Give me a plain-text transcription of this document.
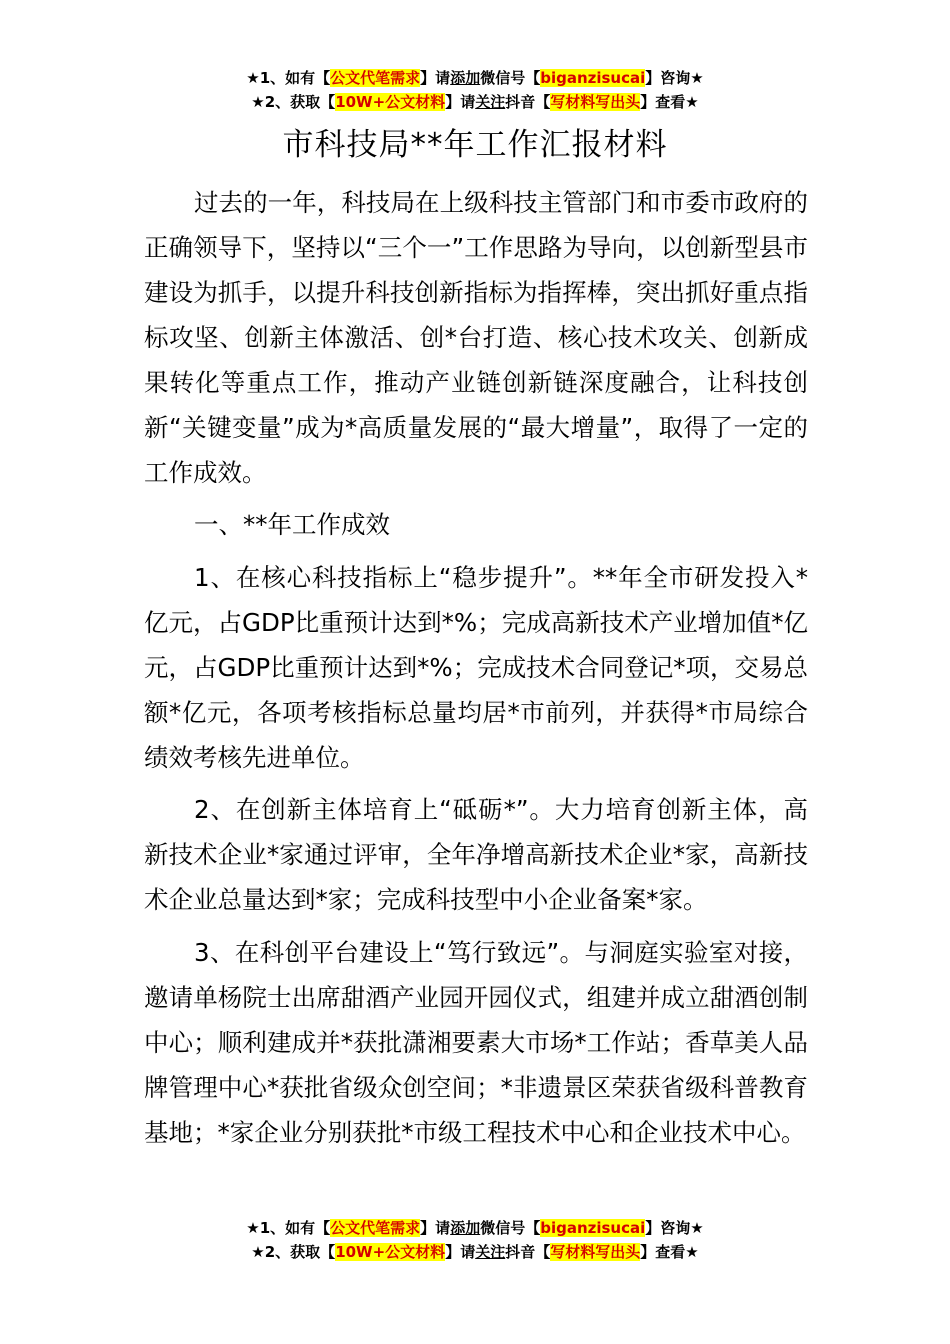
★1、如有【公文代笔需求】请添加微信号【biganzisucai】咨询★
★2、获取【10W+公文材料】请关注抖音【写材料写出头】查看★
市科技局**年工作汇报材料

过去的一年，科技局在上级科技主管部门和市委市政府的正确领导下，坚持以“三个一”工作思路为导向，以创新型县市建设为抓手，以提升科技创新指标为指挥棒，突出抓好重点指标攻坚、创新主体激活、创*台打造、核心技术攻关、创新成果转化等重点工作，推动产业链创新链深度融合，让科技创新“关键变量”成为*高质量发展的“最大增量”，取得了一定的工作成效。

一、**年工作成效

1、在核心科技指标上“稳步提升”。**年全市研发投入*亿元，占GDP比重预计达到*%；完成高新技术产业增加值*亿元，占GDP比重预计达到*%；完成技术合同登记*项，交易总额*亿元，各项考核指标总量均居*市前列，并获得*市局综合绩效考核先进单位。

2、在创新主体培育上“砥砺*”。大力培育创新主体，高新技术企业*家通过评审，全年净增高新技术企业*家，高新技术企业总量达到*家；完成科技型中小企业备案*家。

3、在科创平台建设上“笃行致远”。与洞庭实验室对接，邀请单杨院士出席甜酒产业园开园仪式，组建并成立甜酒创制中心；顺利建成并*获批潇湘要素大市场*工作站；香草美人品牌管理中心*获批省级众创空间；*非遗景区荣获省级科普教育基地；*家企业分别获批*市级工程技术中心和企业技术中心。

★1、如有【公文代笔需求】请添加微信号【biganzisucai】咨询★
★2、获取【10W+公文材料】请关注抖音【写材料写出头】查看★
